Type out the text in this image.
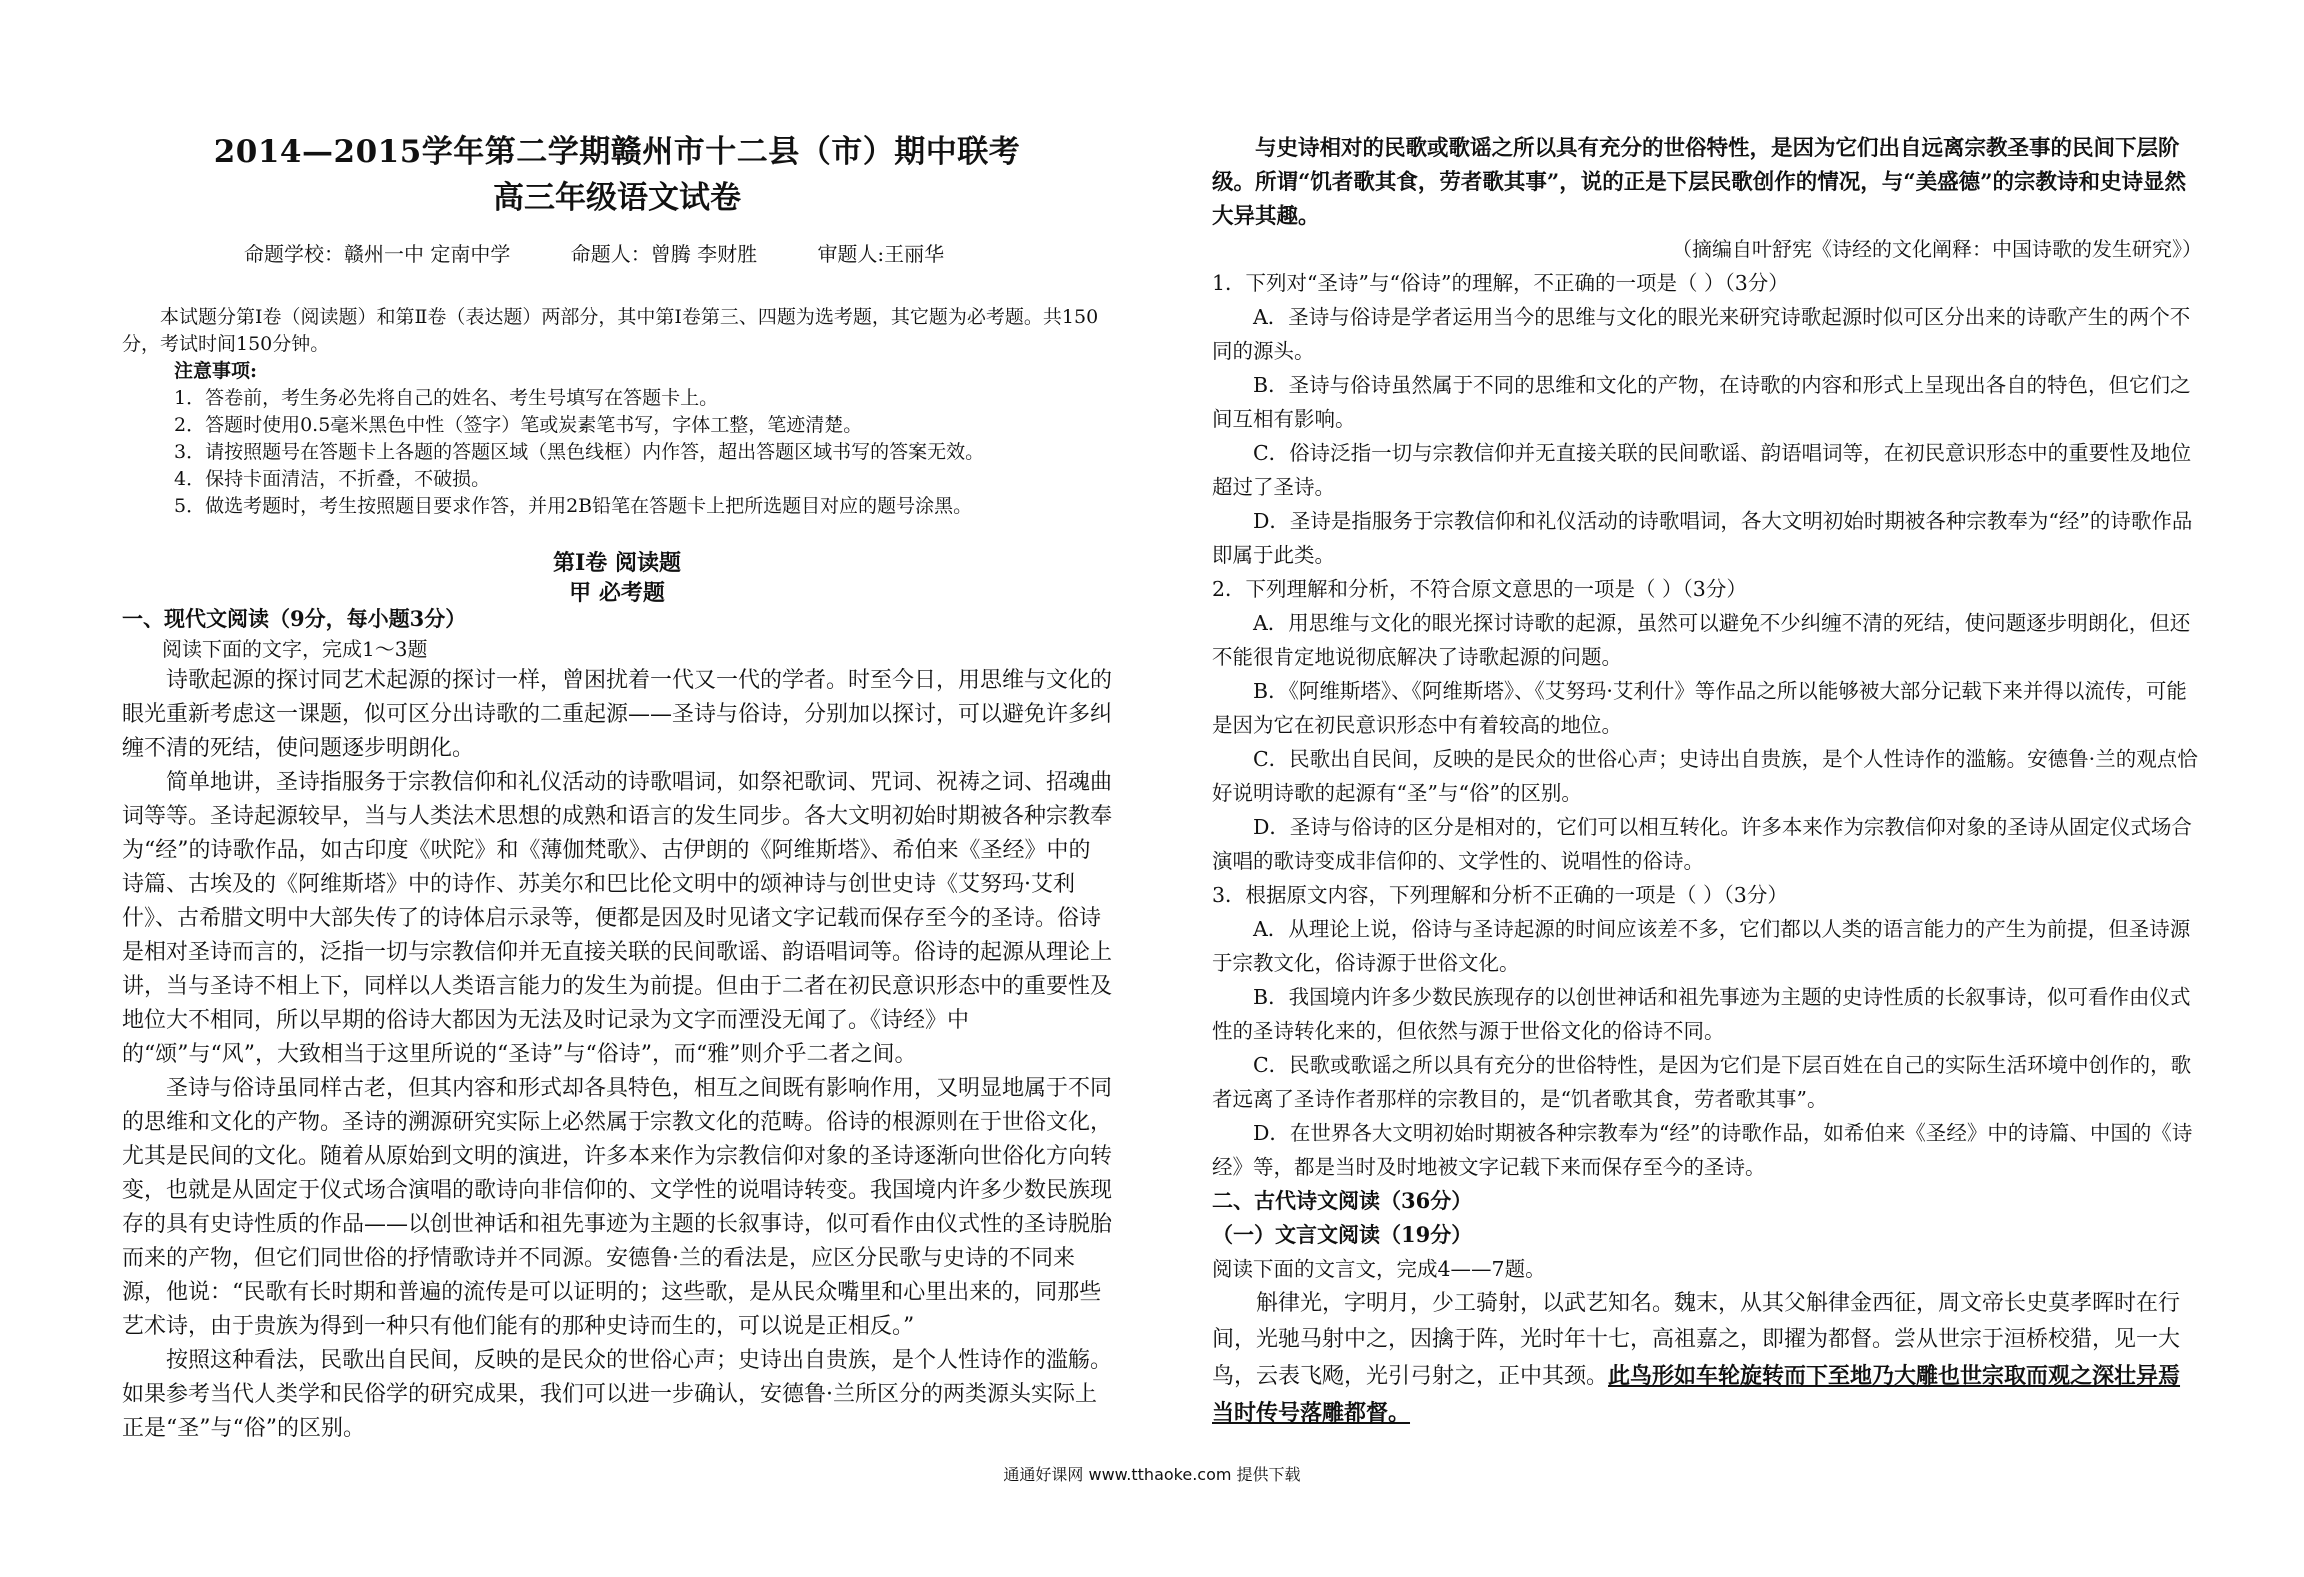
2014—2015学年第二学期赣州市十二县（市）期中联考
高三年级语文试卷
命题学校：赣州一中 定南中学	命题人：曾腾 李财胜	审题人:王丽华

本试题分第Ⅰ卷（阅读题）和第Ⅱ卷（表达题）两部分，其中第Ⅰ卷第三、四题为选考题，其它题为必考题。共150分，考试时间150分钟。

注意事项:

1．答卷前，考生务必先将自己的姓名、考生号填写在答题卡上。

2．答题时使用0.5毫米黑色中性（签字）笔或炭素笔书写，字体工整，笔迹清楚。

3．请按照题号在答题卡上各题的答题区域（黑色线框）内作答，超出答题区域书写的答案无效。

4．保持卡面清洁，不折叠，不破损。

5．做选考题时，考生按照题目要求作答，并用2B铅笔在答题卡上把所选题目对应的题号涂黑。

第Ⅰ卷 阅读题

甲 必考题

一、现代文阅读（9分，每小题3分）

阅读下面的文字，完成1～3题

诗歌起源的探讨同艺术起源的探讨一样，曾困扰着一代又一代的学者。时至今日，用思维与文化的眼光重新考虑这一课题，似可区分出诗歌的二重起源——圣诗与俗诗，分别加以探讨，可以避免许多纠缠不清的死结，使问题逐步明朗化。

简单地讲，圣诗指服务于宗教信仰和礼仪活动的诗歌唱词，如祭祀歌词、咒词、祝祷之词、招魂曲词等等。圣诗起源较早，当与人类法术思想的成熟和语言的发生同步。各大文明初始时期被各种宗教奉为“经”的诗歌作品，如古印度《吠陀》和《薄伽梵歌》、古伊朗的《阿维斯塔》、希伯来《圣经》中的诗篇、古埃及的《阿维斯塔》中的诗作、苏美尔和巴比伦文明中的颂神诗与创世史诗《艾努玛·艾利什》、古希腊文明中大部失传了的诗体启示录等，便都是因及时见诸文字记载而保存至今的圣诗。俗诗是相对圣诗而言的，泛指一切与宗教信仰并无直接关联的民间歌谣、韵语唱词等。俗诗的起源从理论上讲，当与圣诗不相上下，同样以人类语言能力的发生为前提。但由于二者在初民意识形态中的重要性及地位大不相同，所以早期的俗诗大都因为无法及时记录为文字而湮没无闻了。《诗经》中的“颂”与“风”，大致相当于这里所说的“圣诗”与“俗诗”，而“雅”则介乎二者之间。

圣诗与俗诗虽同样古老，但其内容和形式却各具特色，相互之间既有影响作用，又明显地属于不同的思维和文化的产物。圣诗的溯源研究实际上必然属于宗教文化的范畴。俗诗的根源则在于世俗文化，尤其是民间的文化。随着从原始到文明的演进，许多本来作为宗教信仰对象的圣诗逐渐向世俗化方向转变，也就是从固定于仪式场合演唱的歌诗向非信仰的、文学性的说唱诗转变。我国境内许多少数民族现存的具有史诗性质的作品——以创世神话和祖先事迹为主题的长叙事诗，似可看作由仪式性的圣诗脱胎而来的产物，但它们同世俗的抒情歌诗并不同源。安德鲁·兰的看法是，应区分民歌与史诗的不同来源，他说：“民歌有长时期和普遍的流传是可以证明的；这些歌，是从民众嘴里和心里出来的，同那些艺术诗，由于贵族为得到一种只有他们能有的那种史诗而生的，可以说是正相反。”

按照这种看法，民歌出自民间，反映的是民众的世俗心声；史诗出自贵族，是个人性诗作的滥觞。如果参考当代人类学和民俗学的研究成果，我们可以进一步确认，安德鲁·兰所区分的两类源头实际上正是“圣”与“俗”的区别。

与史诗相对的民歌或歌谣之所以具有充分的世俗特性，是因为它们出自远离宗教圣事的民间下层阶级。所谓“饥者歌其食，劳者歌其事”，说的正是下层民歌创作的情况，与“美盛德”的宗教诗和史诗显然大异其趣。

（摘编自叶舒宪《诗经的文化阐释：中国诗歌的发生研究》）

1．下列对“圣诗”与“俗诗”的理解，不正确的一项是（ ）（3分）

A．圣诗与俗诗是学者运用当今的思维与文化的眼光来研究诗歌起源时似可区分出来的诗歌产生的两个不同的源头。

B．圣诗与俗诗虽然属于不同的思维和文化的产物，在诗歌的内容和形式上呈现出各自的特色，但它们之间互相有影响。

C．俗诗泛指一切与宗教信仰并无直接关联的民间歌谣、韵语唱词等，在初民意识形态中的重要性及地位超过了圣诗。

D．圣诗是指服务于宗教信仰和礼仪活动的诗歌唱词，各大文明初始时期被各种宗教奉为“经”的诗歌作品即属于此类。

2．下列理解和分析，不符合原文意思的一项是（ ）（3分）

A．用思维与文化的眼光探讨诗歌的起源，虽然可以避免不少纠缠不清的死结，使问题逐步明朗化，但还不能很肯定地说彻底解决了诗歌起源的问题。

B．《阿维斯塔》、《阿维斯塔》、《艾努玛·艾利什》等作品之所以能够被大部分记载下来并得以流传，可能是因为它在初民意识形态中有着较高的地位。

C．民歌出自民间，反映的是民众的世俗心声；史诗出自贵族，是个人性诗作的滥觞。安德鲁·兰的观点恰好说明诗歌的起源有“圣”与“俗”的区别。

D．圣诗与俗诗的区分是相对的，它们可以相互转化。许多本来作为宗教信仰对象的圣诗从固定仪式场合演唱的歌诗变成非信仰的、文学性的、说唱性的俗诗。

3．根据原文内容，下列理解和分析不正确的一项是（ ）（3分）

A．从理论上说，俗诗与圣诗起源的时间应该差不多，它们都以人类的语言能力的产生为前提，但圣诗源于宗教文化，俗诗源于世俗文化。

B．我国境内许多少数民族现存的以创世神话和祖先事迹为主题的史诗性质的长叙事诗，似可看作由仪式性的圣诗转化来的，但依然与源于世俗文化的俗诗不同。

C．民歌或歌谣之所以具有充分的世俗特性，是因为它们是下层百姓在自己的实际生活环境中创作的，歌者远离了圣诗作者那样的宗教目的，是“饥者歌其食，劳者歌其事”。

D．在世界各大文明初始时期被各种宗教奉为“经”的诗歌作品，如希伯来《圣经》中的诗篇、中国的《诗经》等，都是当时及时地被文字记载下来而保存至今的圣诗。

二、古代诗文阅读（36分）

（一）文言文阅读（19分）

阅读下面的文言文，完成4——7题。

斛律光，字明月，少工骑射，以武艺知名。魏末，从其父斛律金西征，周文帝长史莫孝晖时在行间，光驰马射中之，因擒于阵，光时年十七，高祖嘉之，即擢为都督。尝从世宗于洹桥校猎，见一大鸟，云表飞飏，光引弓射之，正中其颈。此鸟形如车轮旋转而下至地乃大雕也世宗取而观之深壮异焉当时传号落雕都督。

通通好课网 www.tthaoke.com 提供下载
